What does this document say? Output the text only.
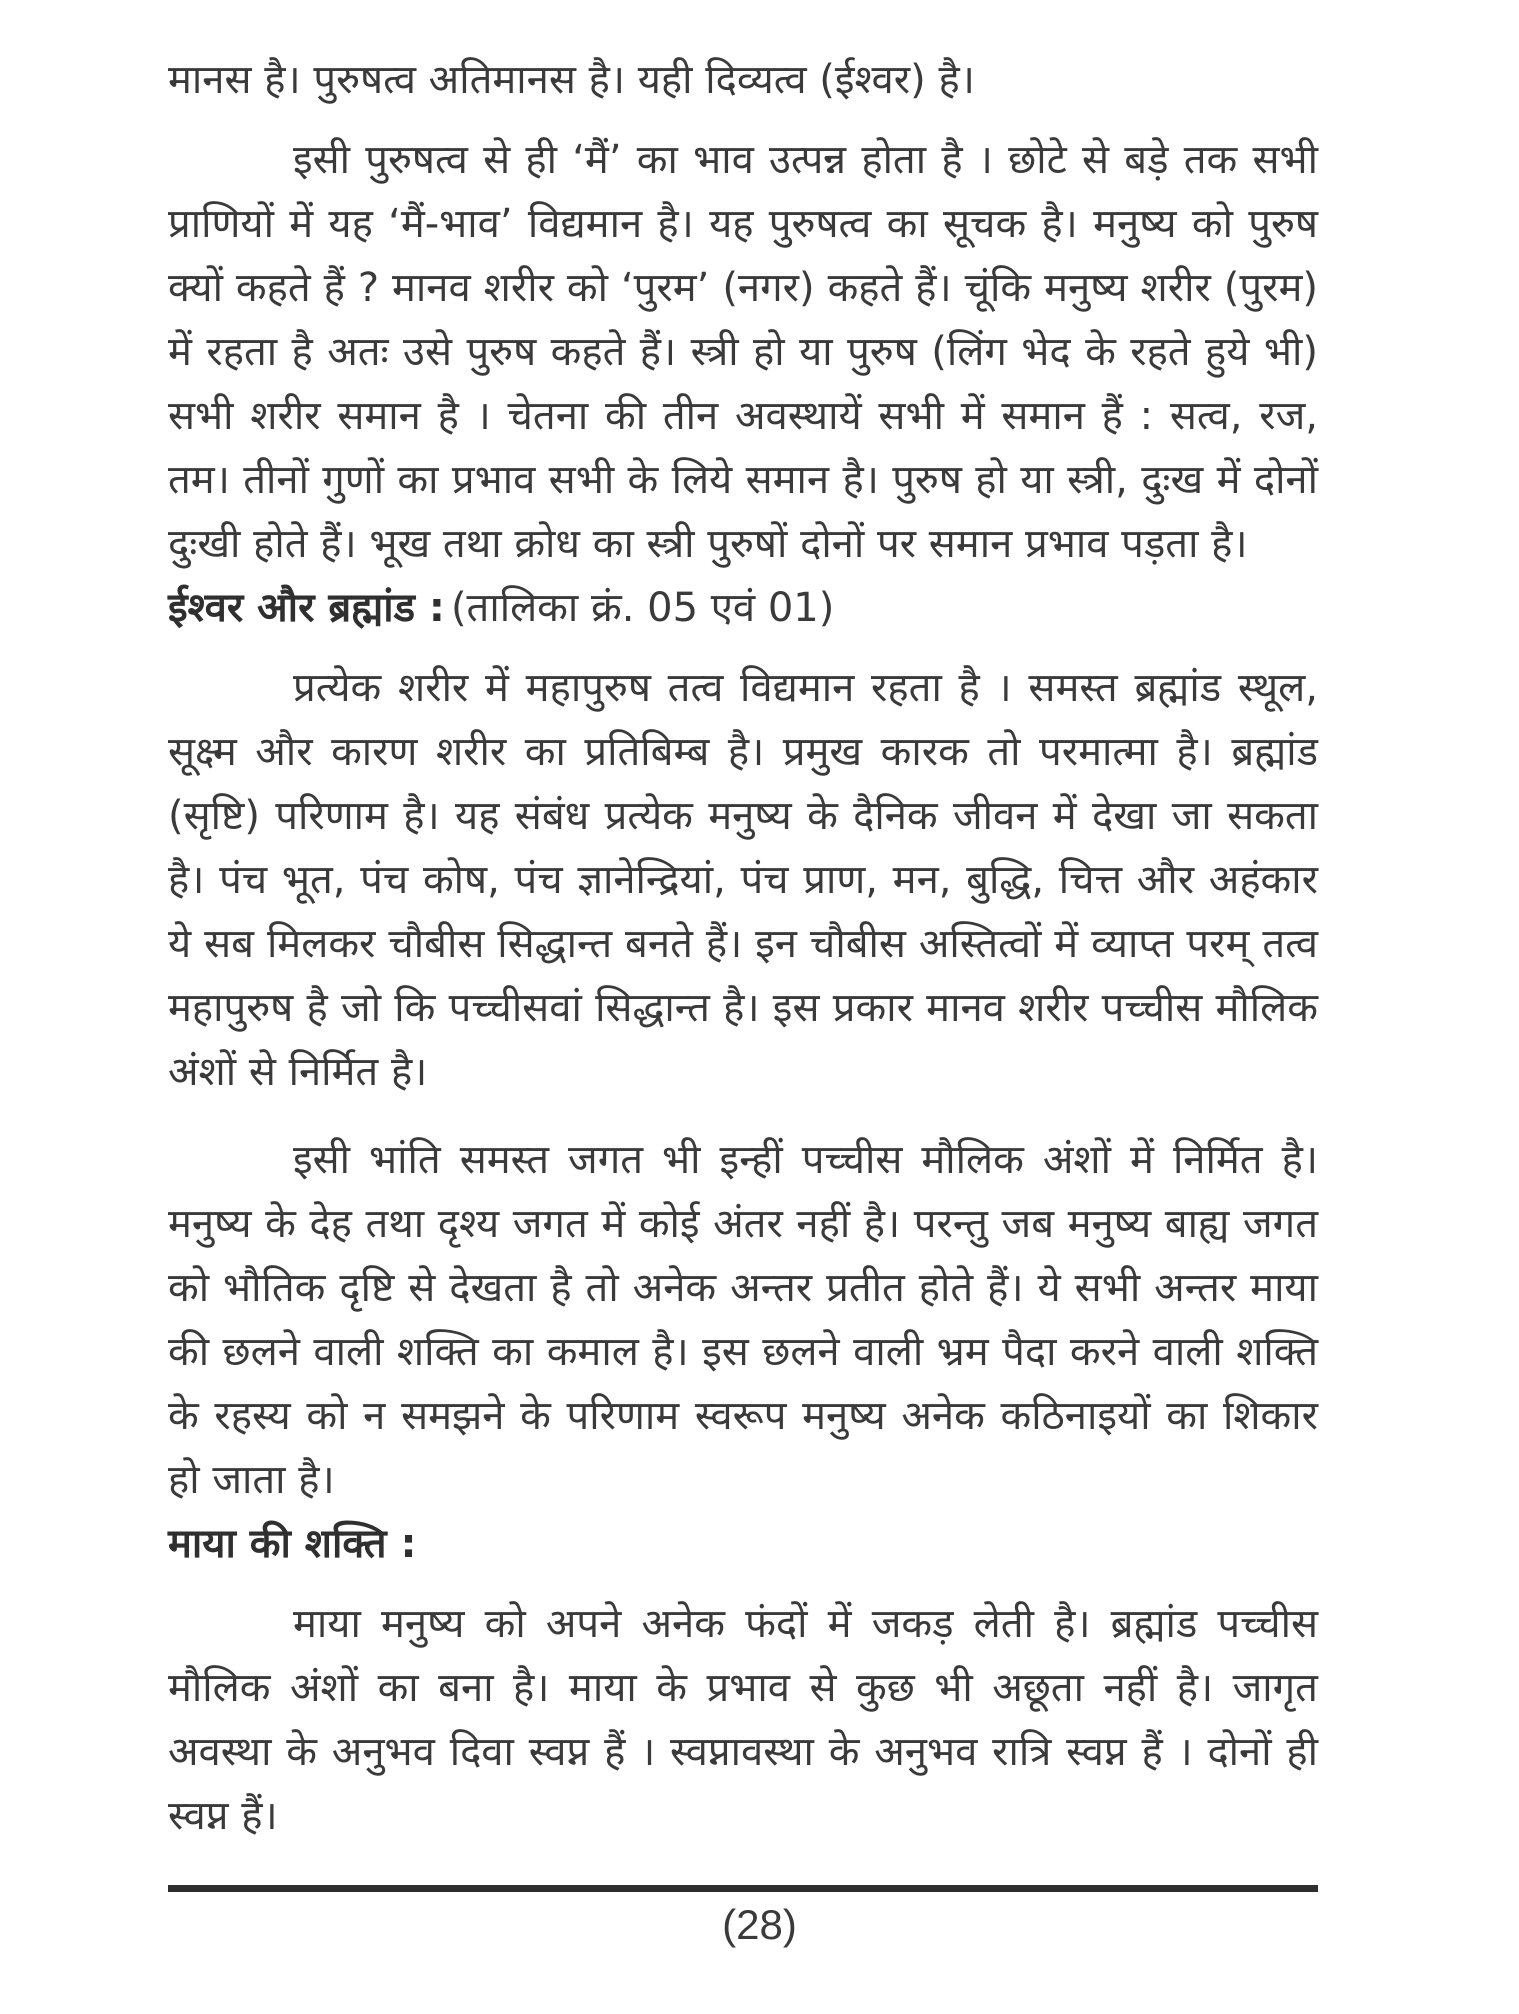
मानस है। पुरुषत्व अतिमानस है। यही दिव्यत्व (ईश्वर) है।

इसी पुरुषत्व से ही ‘मैं’ का भाव उत्पन्न होता है । छोटे से बड़े तक सभी प्राणियों में यह ‘मैं-भाव’ विद्यमान है। यह पुरुषत्व का सूचक है। मनुष्य को पुरुष क्यों कहते हैं ? मानव शरीर को ‘पुरम’ (नगर) कहते हैं। चूंकि मनुष्य शरीर (पुरम) में रहता है अतः उसे पुरुष कहते हैं। स्त्री हो या पुरुष (लिंग भेद के रहते हुये भी) सभी शरीर समान है । चेतना की तीन अवस्थायें सभी में समान हैं : सत्व, रज, तम। तीनों गुणों का प्रभाव सभी के लिये समान है। पुरुष हो या स्त्री, दुःख में दोनों दुःखी होते हैं। भूख तथा क्रोध का स्त्री पुरुषों दोनों पर समान प्रभाव पड़ता है।

ईश्वर और ब्रह्मांड : (तालिका क्रं. 05 एवं 01)

प्रत्येक शरीर में महापुरुष तत्व विद्यमान रहता है । समस्त ब्रह्मांड स्थूल, सूक्ष्म और कारण शरीर का प्रतिबिम्ब है। प्रमुख कारक तो परमात्मा है। ब्रह्मांड (सृष्टि) परिणाम है। यह संबंध प्रत्येक मनुष्य के दैनिक जीवन में देखा जा सकता है। पंच भूत, पंच कोष, पंच ज्ञानेन्द्रियां, पंच प्राण, मन, बुद्धि, चित्त और अहंकार ये सब मिलकर चौबीस सिद्धान्त बनते हैं। इन चौबीस अस्तित्वों में व्याप्त परम् तत्व महापुरुष है जो कि पच्चीसवां सिद्धान्त है। इस प्रकार मानव शरीर पच्चीस मौलिक अंशों से निर्मित है।

इसी भांति समस्त जगत भी इन्हीं पच्चीस मौलिक अंशों में निर्मित है। मनुष्य के देह तथा दृश्य जगत में कोई अंतर नहीं है। परन्तु जब मनुष्य बाह्य जगत को भौतिक दृष्टि से देखता है तो अनेक अन्तर प्रतीत होते हैं। ये सभी अन्तर माया की छलने वाली शक्ति का कमाल है। इस छलने वाली भ्रम पैदा करने वाली शक्ति के रहस्य को न समझने के परिणाम स्वरूप मनुष्य अनेक कठिनाइयों का शिकार हो जाता है।

माया की शक्ति :

माया मनुष्य को अपने अनेक फंदों में जकड़ लेती है। ब्रह्मांड पच्चीस मौलिक अंशों का बना है। माया के प्रभाव से कुछ भी अछूता नहीं है। जागृत अवस्था के अनुभव दिवा स्वप्न हैं । स्वप्नावस्था के अनुभव रात्रि स्वप्न हैं । दोनों ही स्वप्न हैं।

(28)
